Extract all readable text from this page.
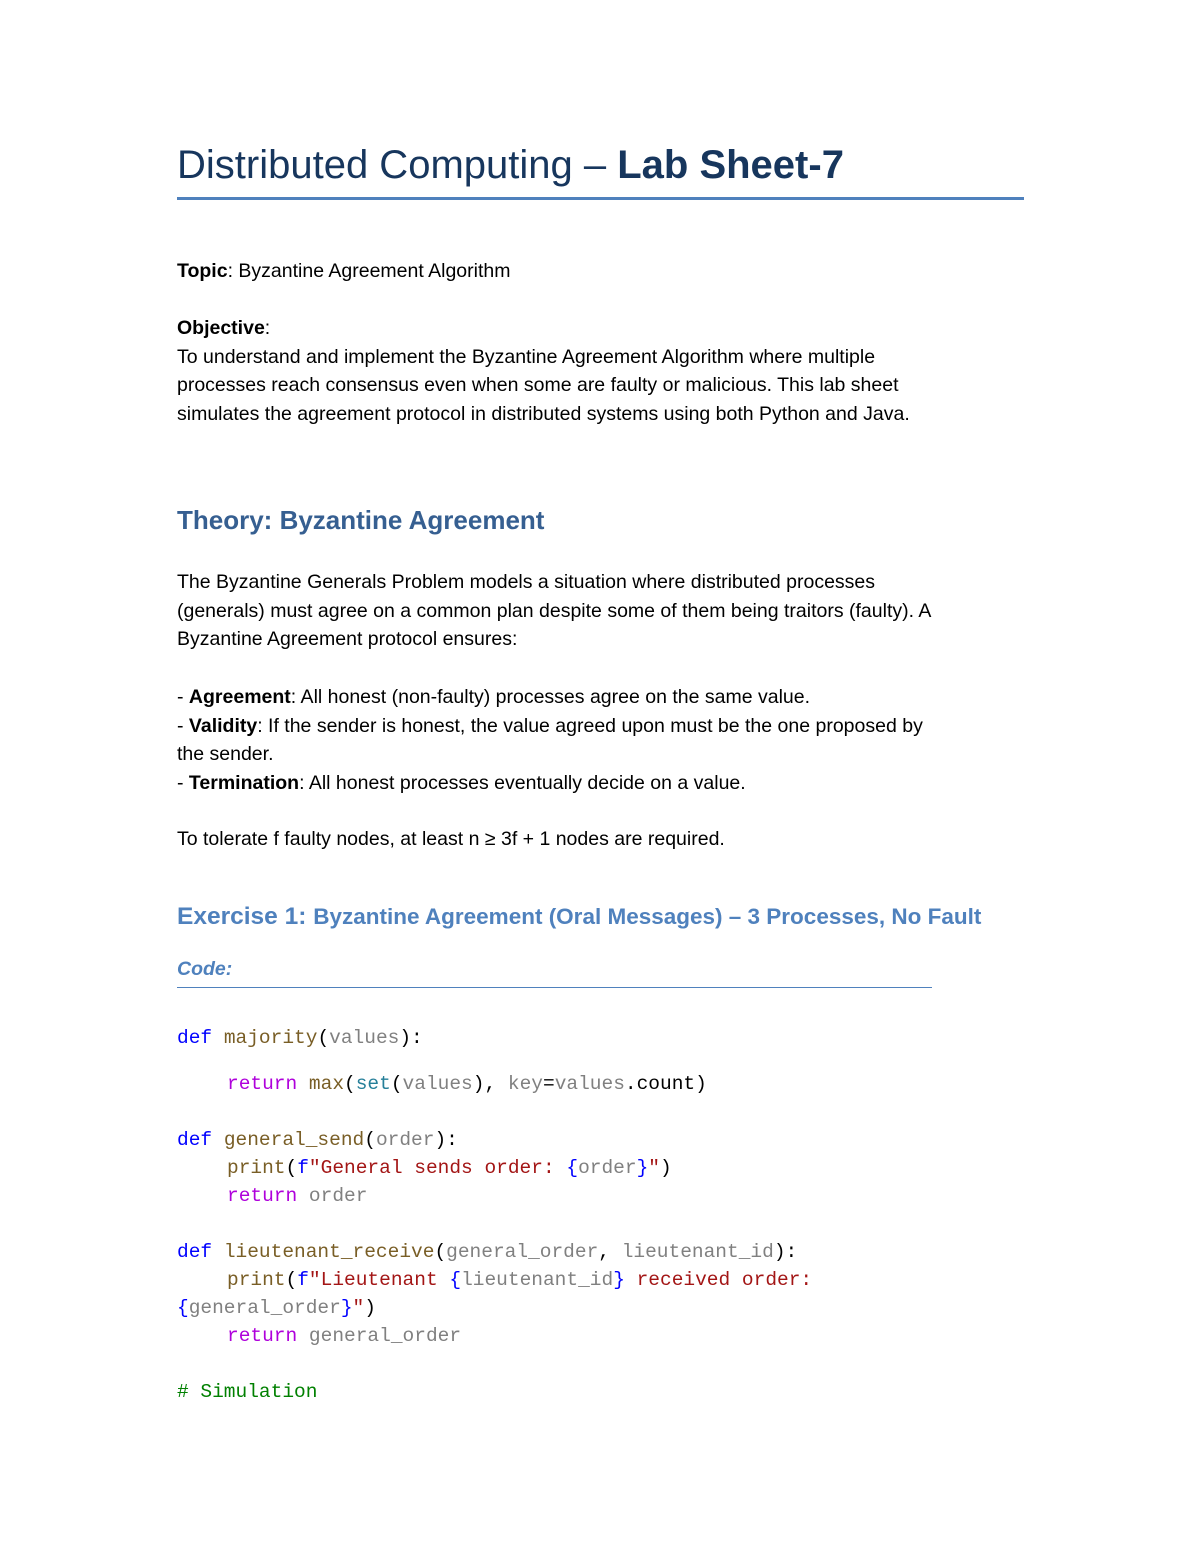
Distributed Computing – Lab Sheet-7
Topic: Byzantine Agreement Algorithm
Objective:
To understand and implement the Byzantine Agreement Algorithm where multiple
processes reach consensus even when some are faulty or malicious. This lab sheet
simulates the agreement protocol in distributed systems using both Python and Java.
Theory: Byzantine Agreement
The Byzantine Generals Problem models a situation where distributed processes
(generals) must agree on a common plan despite some of them being traitors (faulty). A
Byzantine Agreement protocol ensures:
- Agreement: All honest (non-faulty) processes agree on the same value.
- Validity: If the sender is honest, the value agreed upon must be the one proposed by
the sender.
- Termination: All honest processes eventually decide on a value.
To tolerate f faulty nodes, at least n ≥ 3f + 1 nodes are required.
Exercise 1: Byzantine Agreement (Oral Messages) – 3 Processes, No Fault
Code:
def majority(values):
return max(set(values), key=values.count)
def general_send(order):
print(f"General sends order: {order}")
return order
def lieutenant_receive(general_order, lieutenant_id):
print(f"Lieutenant {lieutenant_id} received order:
{general_order}")
return general_order
# Simulation
